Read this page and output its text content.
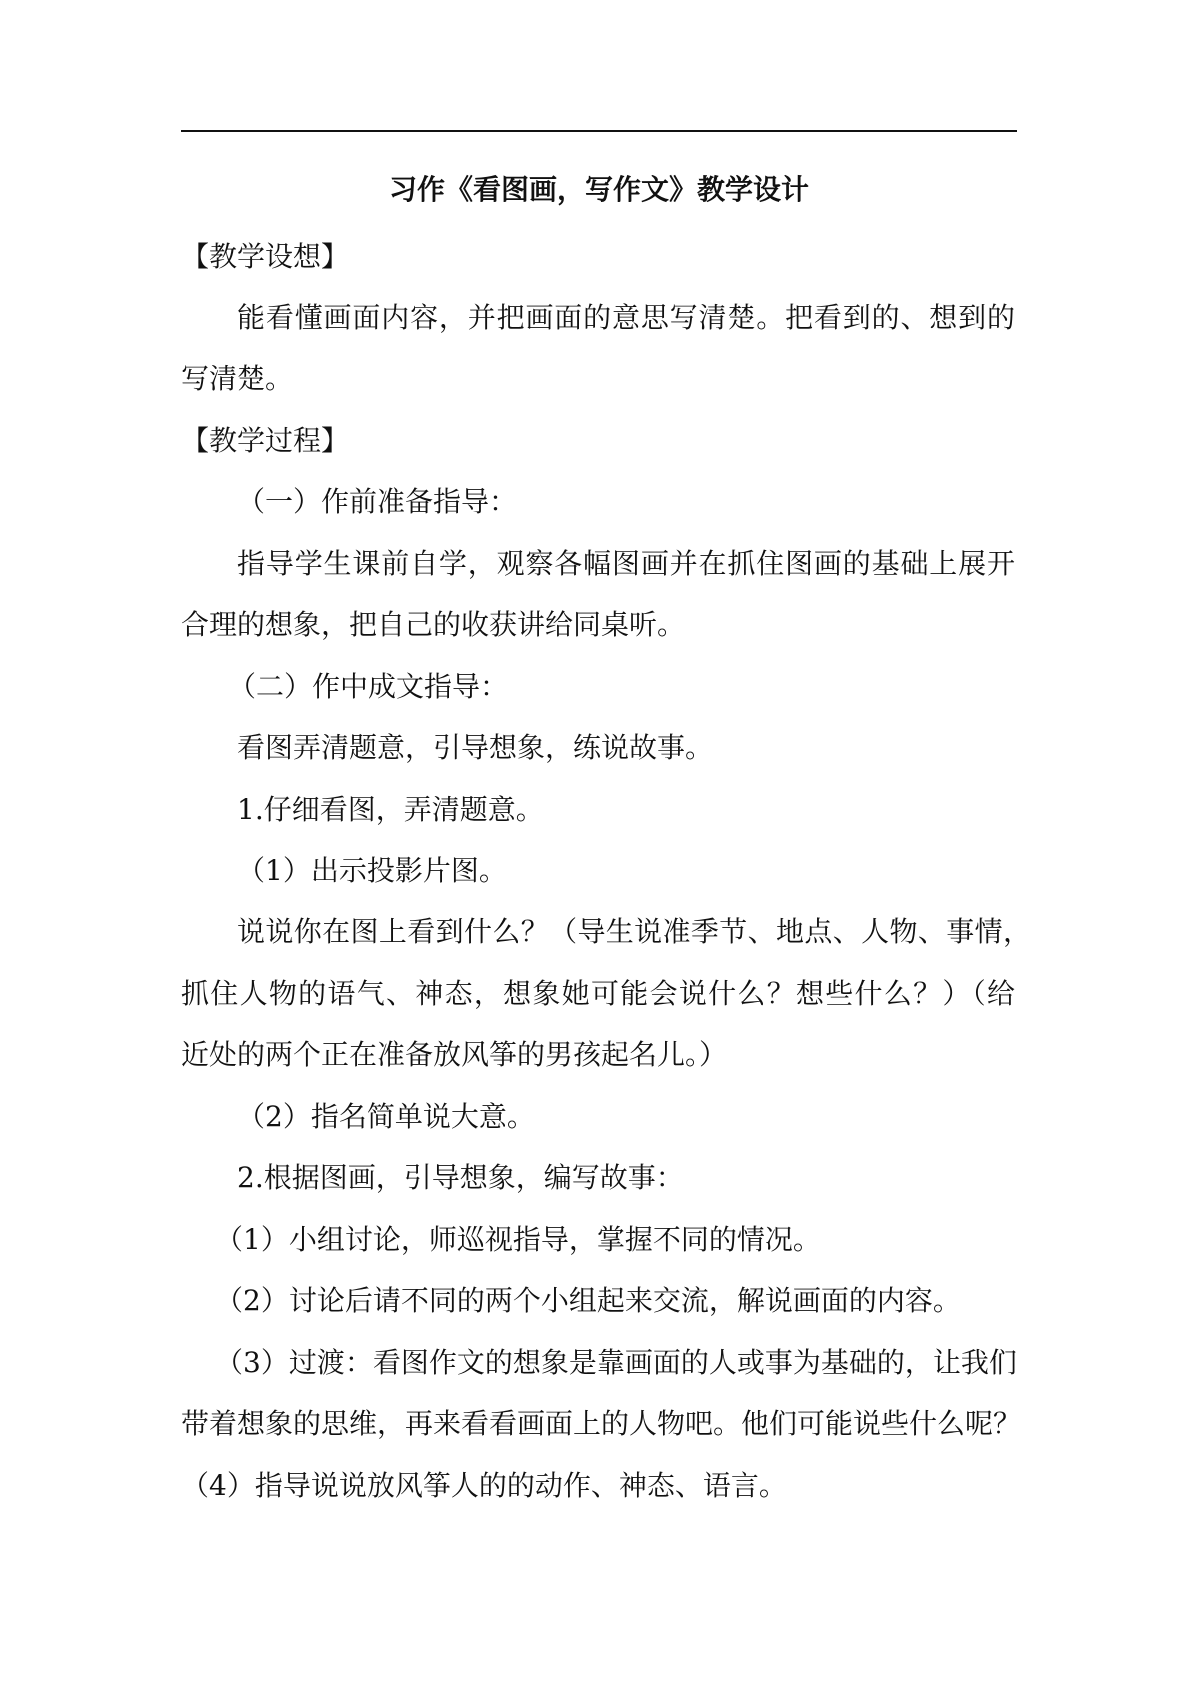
习作《看图画，写作文》教学设计
【教学设想】
能看懂画面内容，并把画面的意思写清楚。把看到的、想到的
写清楚。
【教学过程】
（一）作前准备指导：
指导学生课前自学，观察各幅图画并在抓住图画的基础上展开
合理的想象，把自己的收获讲给同桌听。
（二）作中成文指导：
看图弄清题意，引导想象，练说故事。
1.仔细看图，弄清题意。
（1）出示投影片图。
说说你在图上看到什么？（导生说准季节、地点、人物、事情，
抓住人物的语气、神态，想象她可能会说什么？想些什么？）（给
近处的两个正在准备放风筝的男孩起名儿。）
（2）指名简单说大意。
2.根据图画，引导想象，编写故事：
（1）小组讨论，师巡视指导，掌握不同的情况。
（2）讨论后请不同的两个小组起来交流，解说画面的内容。
（3）过渡：看图作文的想象是靠画面的人或事为基础的，让我们
带着想象的思维，再来看看画面上的人物吧。他们可能说些什么呢？
（4）指导说说放风筝人的的动作、神态、语言。
